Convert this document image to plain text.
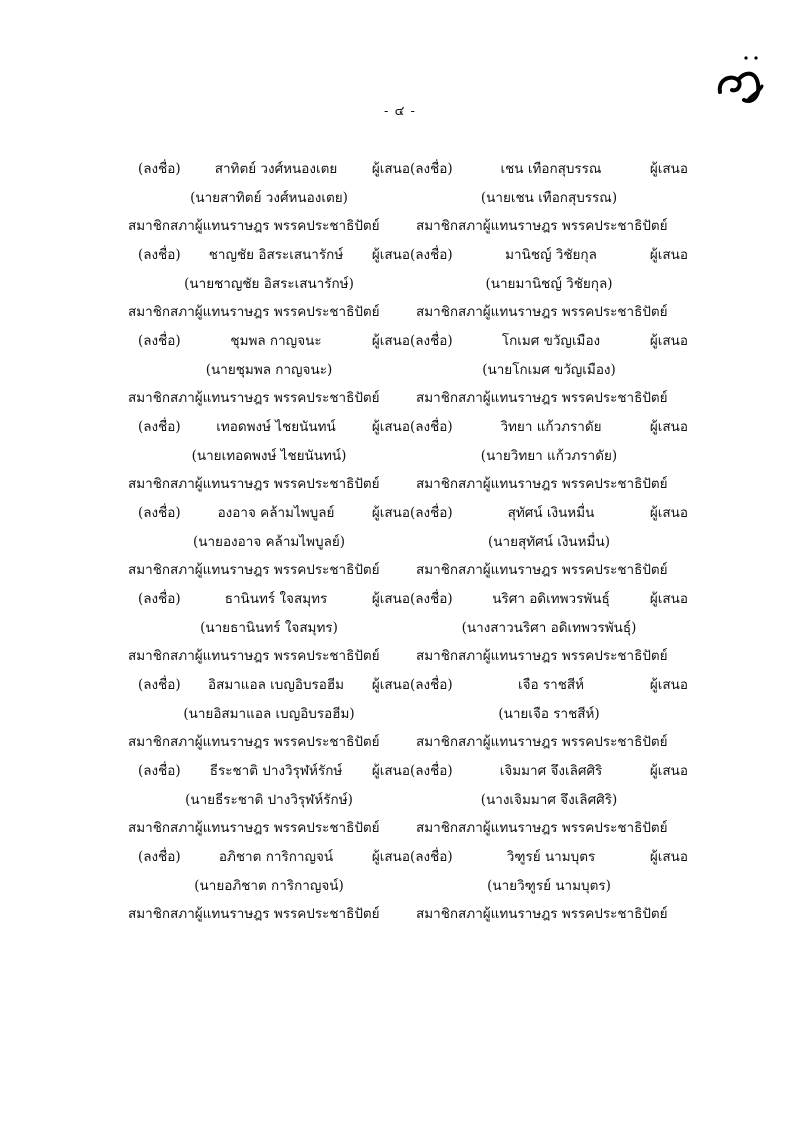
- ๔ -
(ลงชื่อ)	สาทิตย์ วงศ์หนองเตย	ผู้เสนอ
(นายสาทิตย์ วงศ์หนองเตย)
สมาชิกสภาผู้แทนราษฎร พรรคประชาธิปัตย์
(ลงชื่อ)	ชาญชัย อิสระเสนารักษ์	ผู้เสนอ
(นายชาญชัย อิสระเสนารักษ์)
สมาชิกสภาผู้แทนราษฎร พรรคประชาธิปัตย์
(ลงชื่อ)	ชุมพล กาญจนะ	ผู้เสนอ
(นายชุมพล กาญจนะ)
สมาชิกสภาผู้แทนราษฎร พรรคประชาธิปัตย์
(ลงชื่อ)	เทอดพงษ์ ไชยนันทน์	ผู้เสนอ
(นายเทอดพงษ์ ไชยนันทน์)
สมาชิกสภาผู้แทนราษฎร พรรคประชาธิปัตย์
(ลงชื่อ)	องอาจ คล้ามไพบูลย์	ผู้เสนอ
(นายองอาจ คล้ามไพบูลย์)
สมาชิกสภาผู้แทนราษฎร พรรคประชาธิปัตย์
(ลงชื่อ)	ธานินทร์ ใจสมุทร	ผู้เสนอ
(นายธานินทร์ ใจสมุทร)
สมาชิกสภาผู้แทนราษฎร พรรคประชาธิปัตย์
(ลงชื่อ)	อิสมาแอล เบญอิบรอฮีม	ผู้เสนอ
(นายอิสมาแอล เบญอิบรอฮีม)
สมาชิกสภาผู้แทนราษฎร พรรคประชาธิปัตย์
(ลงชื่อ)	ธีระชาติ ปางวิรุฬห์รักษ์	ผู้เสนอ
(นายธีระชาติ ปางวิรุฬห์รักษ์)
สมาชิกสภาผู้แทนราษฎร พรรคประชาธิปัตย์
(ลงชื่อ)	อภิชาต การิกาญจน์	ผู้เสนอ
(นายอภิชาต การิกาญจน์)
สมาชิกสภาผู้แทนราษฎร พรรคประชาธิปัตย์
(ลงชื่อ)	เชน เทือกสุบรรณ	ผู้เสนอ
(นายเชน เทือกสุบรรณ)
สมาชิกสภาผู้แทนราษฎร พรรคประชาธิปัตย์
(ลงชื่อ)	มานิชญ์ วิชัยกุล	ผู้เสนอ
(นายมานิชญ์ วิชัยกุล)
สมาชิกสภาผู้แทนราษฎร พรรคประชาธิปัตย์
(ลงชื่อ)	โกเมศ ขวัญเมือง	ผู้เสนอ
(นายโกเมศ ขวัญเมือง)
สมาชิกสภาผู้แทนราษฎร พรรคประชาธิปัตย์
(ลงชื่อ)	วิทยา แก้วภราดัย	ผู้เสนอ
(นายวิทยา แก้วภราดัย)
สมาชิกสภาผู้แทนราษฎร พรรคประชาธิปัตย์
(ลงชื่อ)	สุทัศน์ เงินหมื่น	ผู้เสนอ
(นายสุทัศน์ เงินหมื่น)
สมาชิกสภาผู้แทนราษฎร พรรคประชาธิปัตย์
(ลงชื่อ)	นริศา อดิเทพวรพันธุ์	ผู้เสนอ
(นางสาวนริศา อดิเทพวรพันธุ์)
สมาชิกสภาผู้แทนราษฎร พรรคประชาธิปัตย์
(ลงชื่อ)	เจือ ราชสีห์	ผู้เสนอ
(นายเจือ ราชสีห์)
สมาชิกสภาผู้แทนราษฎร พรรคประชาธิปัตย์
(ลงชื่อ)	เจิมมาศ จึงเลิศศิริ	ผู้เสนอ
(นางเจิมมาศ จึงเลิศศิริ)
สมาชิกสภาผู้แทนราษฎร พรรคประชาธิปัตย์
(ลงชื่อ)	วิฑูรย์ นามบุตร	ผู้เสนอ
(นายวิฑูรย์ นามบุตร)
สมาชิกสภาผู้แทนราษฎร พรรคประชาธิปัตย์
